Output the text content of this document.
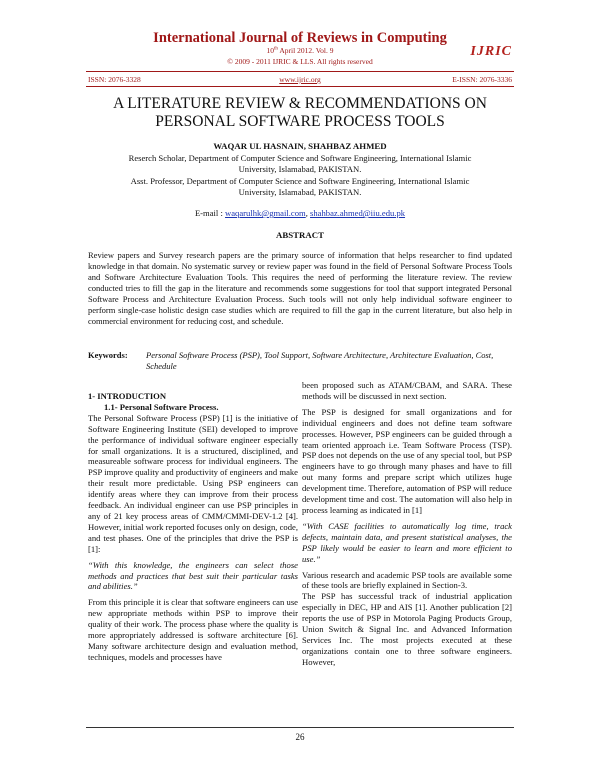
International Journal of Reviews in Computing
10th April 2012. Vol. 9
© 2009 - 2011 IJRIC & LLS. All rights reserved
IJRIC
ISSN: 2076-3328	www.ijric.org	E-ISSN: 2076-3336
A LITERATURE REVIEW & RECOMMENDATIONS ON
PERSONAL SOFTWARE PROCESS TOOLS
WAQAR UL HASNAIN, SHAHBAZ AHMED
Reserch Scholar, Department of Computer Science and Software Engineering, International Islamic
University, Islamabad, PAKISTAN.
Asst. Professor, Department of Computer Science and Software Engineering, International Islamic
University, Islamabad, PAKISTAN.
E-mail : waqarulhk@gmail.com, shahbaz.ahmed@iiu.edu.pk
ABSTRACT
Review papers and Survey research papers are the primary source of information that helps researcher to find updated knowledge in that domain. No systematic survey or review paper was found in the field of Personal Software Process Tools and Software Architecture Evaluation Tools. This requires the need of performing the literature review. The review conducted tries to fill the gap in the literature and recommends some suggestions for tool that support integrated Personal Software Process and Architecture Evaluation Process. Such tools will not only help individual software engineer to perform single-case holistic design case studies which are required to fill the gap in the current literature, but also help in commercial environment for reducing cost, and schedule.
Keywords: Personal Software Process (PSP), Tool Support, Software Architecture, Architecture Evaluation, Cost, Schedule
1- INTRODUCTION
1.1- Personal Software Process.

The Personal Software Process (PSP) [1] is the initiative of Software Engineering Institute (SEI) developed to improve the performance of individual software engineer especially for small organizations. It is a structured, disciplined, and measureable software process for individual engineers. The PSP improve quality and productivity of engineers and make their result more predictable. Using PSP engineers can identify areas where they can improve from their process feedback. An individual engineer can use PSP principles in any of 21 key process areas of CMM/CMMI-DEV-1.2 [4]. However, initial work reported focuses only on design, code, and test phases. One of the principles that drive the PSP is [1]:

“With this knowledge, the engineers can select those methods and practices that best suit their particular tasks and abilities.”

From this principle it is clear that software engineers can use new appropriate methods within PSP to improve their quality of their work. The process phase where the quality is more appropriately addressed is software architecture [6]. Many software architecture design and evaluation method, techniques, models and processes have

been proposed such as ATAM/CBAM, and SARA. These methods will be discussed in next section.

The PSP is designed for small organizations and for individual engineers and does not define team software processes. However, PSP engineers can be guided through a team oriented approach i.e. Team Software Process (TSP). PSP does not depends on the use of any special tool, but PSP engineers have to go through many phases and have to fill out many forms and prepare script which utilizes huge development time. Therefore, automation of PSP will reduce development time and cost. The automation will also help in process learning as indicated in [1]

“With CASE facilities to automatically log time, track defects, maintain data, and present statistical analyses, the PSP likely would be easier to learn and more efficient to use.”

Various research and academic PSP tools are available some of these tools are briefly explained in Section-3.

The PSP has successful track of industrial application especially in DEC, HP and AIS [1]. Another publication [2] reports the use of PSP in Motorola Paging Products Group, Union Switch & Signal Inc. and Advanced Information Services Inc. The most projects executed at these organizations contain one to three software engineers. However,

26
